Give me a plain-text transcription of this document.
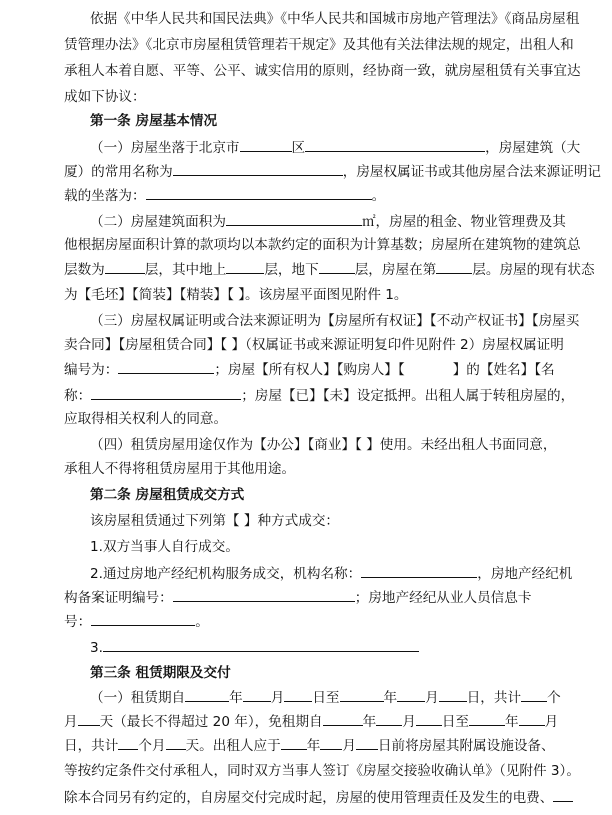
依据《中华人民共和国民法典》《中华人民共和国城市房地产管理法》《商品房屋租
赁管理办法》《北京市房屋租赁管理若干规定》及其他有关法律法规的规定，出租人和
承租人本着自愿、平等、公平、诚实信用的原则，经协商一致，就房屋租赁有关事宜达
成如下协议：
第一条 房屋基本情况
（一）房屋坐落于北京市	区	，房屋建筑（大
厦）的常用名称为	，房屋权属证书或其他房屋合法来源证明记
载的坐落为：	。
（二）房屋建筑面积为	㎡，房屋的租金、物业管理费及其
他根据房屋面积计算的款项均以本款约定的面积为计算基数；房屋所在建筑物的建筑总
层数为	层，其中地上	层，地下	层，房屋在第	层。房屋的现有状态
为【毛坯】【简装】【精装】【 】。该房屋平面图见附件 1。
（三）房屋权属证明或合法来源证明为【房屋所有权证】【不动产权证书】【房屋买
卖合同】【房屋租赁合同】【 】（权属证书或来源证明复印件见附件 2）房屋权属证明
编号为：	；房屋【所有权人】【购房人】【	】的【姓名】【名
称：	；房屋【已】【未】设定抵押。出租人属于转租房屋的，
应取得相关权利人的同意。
（四）租赁房屋用途仅作为【办公】【商业】【 】使用。未经出租人书面同意，
承租人不得将租赁房屋用于其他用途。
第二条 房屋租赁成交方式
该房屋租赁通过下列第【 】种方式成交：
1.双方当事人自行成交。
2.通过房地产经纪机构服务成交，机构名称：	，房地产经纪机
构备案证明编号：	；房地产经纪从业人员信息卡
号：	。
3.
第三条 租赁期限及交付
（一）租赁期自	年 月 日至	年 月 日，共计 个
月 天（最长不得超过 20 年），免租期自	年 月 日至	年 月
日，共计 个月 天。出租人应于 年 月 日前将房屋其附属设施设备、
等按约定条件交付承租人，同时双方当事人签订《房屋交接验收确认单》（见附件 3）。
除本合同另有约定的，自房屋交付完成时起，房屋的使用管理责任及发生的电费、
